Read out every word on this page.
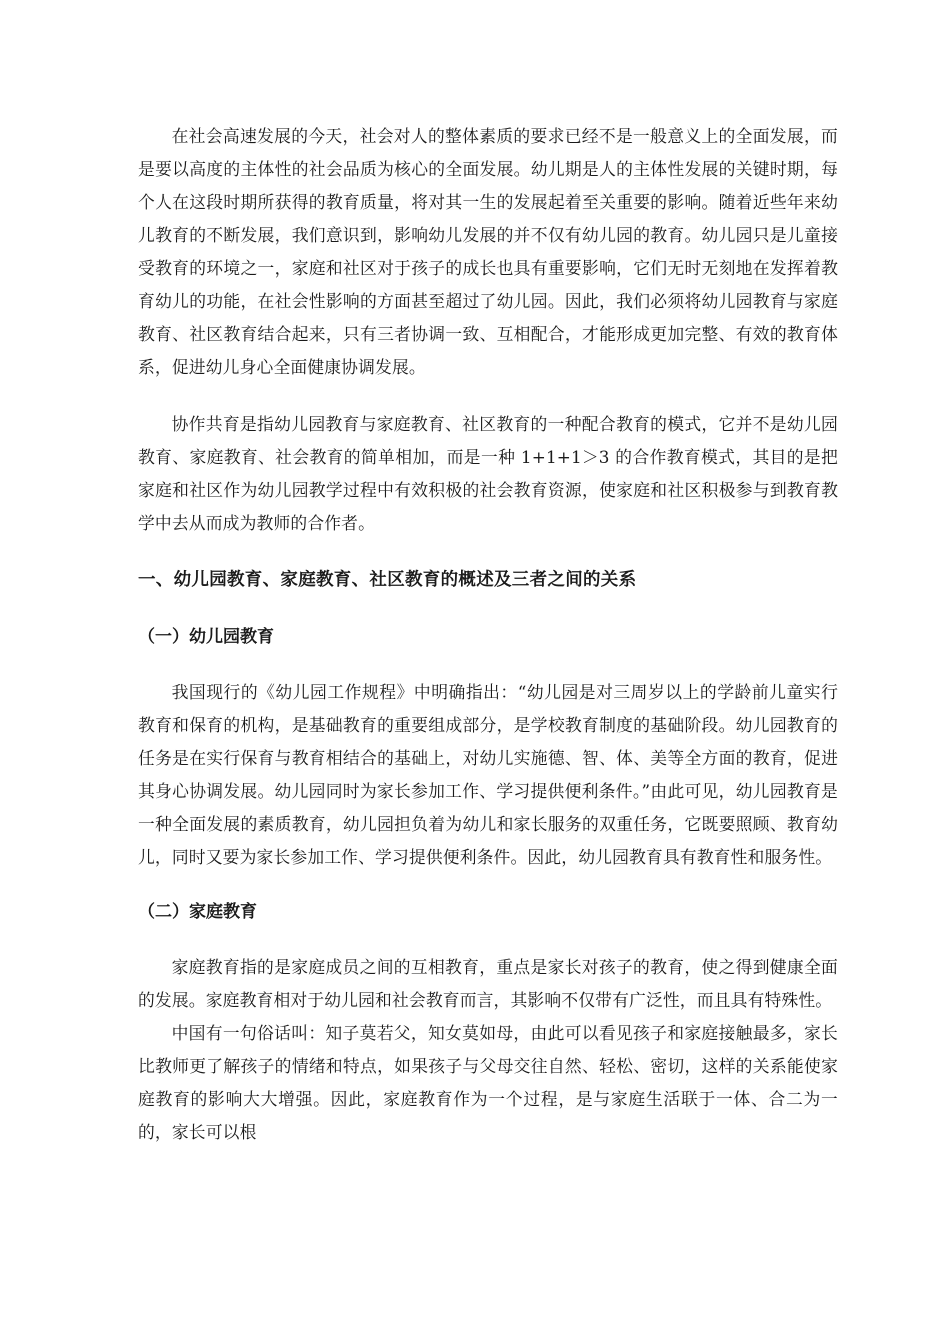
在社会高速发展的今天，社会对人的整体素质的要求已经不是一般意义上的全面发展，而是要以高度的主体性的社会品质为核心的全面发展。幼儿期是人的主体性发展的关键时期，每个人在这段时期所获得的教育质量，将对其一生的发展起着至关重要的影响。随着近些年来幼儿教育的不断发展，我们意识到，影响幼儿发展的并不仅有幼儿园的教育。幼儿园只是儿童接受教育的环境之一，家庭和社区对于孩子的成长也具有重要影响，它们无时无刻地在发挥着教育幼儿的功能，在社会性影响的方面甚至超过了幼儿园。因此，我们必须将幼儿园教育与家庭教育、社区教育结合起来，只有三者协调一致、互相配合，才能形成更加完整、有效的教育体系，促进幼儿身心全面健康协调发展。

协作共育是指幼儿园教育与家庭教育、社区教育的一种配合教育的模式，它并不是幼儿园教育、家庭教育、社会教育的简单相加，而是一种 1+1+1＞3 的合作教育模式，其目的是把家庭和社区作为幼儿园教学过程中有效积极的社会教育资源，使家庭和社区积极参与到教育教学中去从而成为教师的合作者。

一、幼儿园教育、家庭教育、社区教育的概述及三者之间的关系
（一）幼儿园教育

我国现行的《幼儿园工作规程》中明确指出：“幼儿园是对三周岁以上的学龄前儿童实行教育和保育的机构，是基础教育的重要组成部分，是学校教育制度的基础阶段。幼儿园教育的任务是在实行保育与教育相结合的基础上，对幼儿实施德、智、体、美等全方面的教育，促进其身心协调发展。幼儿园同时为家长参加工作、学习提供便利条件。”由此可见，幼儿园教育是一种全面发展的素质教育，幼儿园担负着为幼儿和家长服务的双重任务，它既要照顾、教育幼儿，同时又要为家长参加工作、学习提供便利条件。因此，幼儿园教育具有教育性和服务性。

（二）家庭教育

家庭教育指的是家庭成员之间的互相教育，重点是家长对孩子的教育，使之得到健康全面的发展。家庭教育相对于幼儿园和社会教育而言，其影响不仅带有广泛性，而且具有特殊性。

中国有一句俗话叫：知子莫若父，知女莫如母，由此可以看见孩子和家庭接触最多，家长比教师更了解孩子的情绪和特点，如果孩子与父母交往自然、轻松、密切，这样的关系能使家庭教育的影响大大增强。因此，家庭教育作为一个过程，是与家庭生活联于一体、合二为一的，家长可以根
